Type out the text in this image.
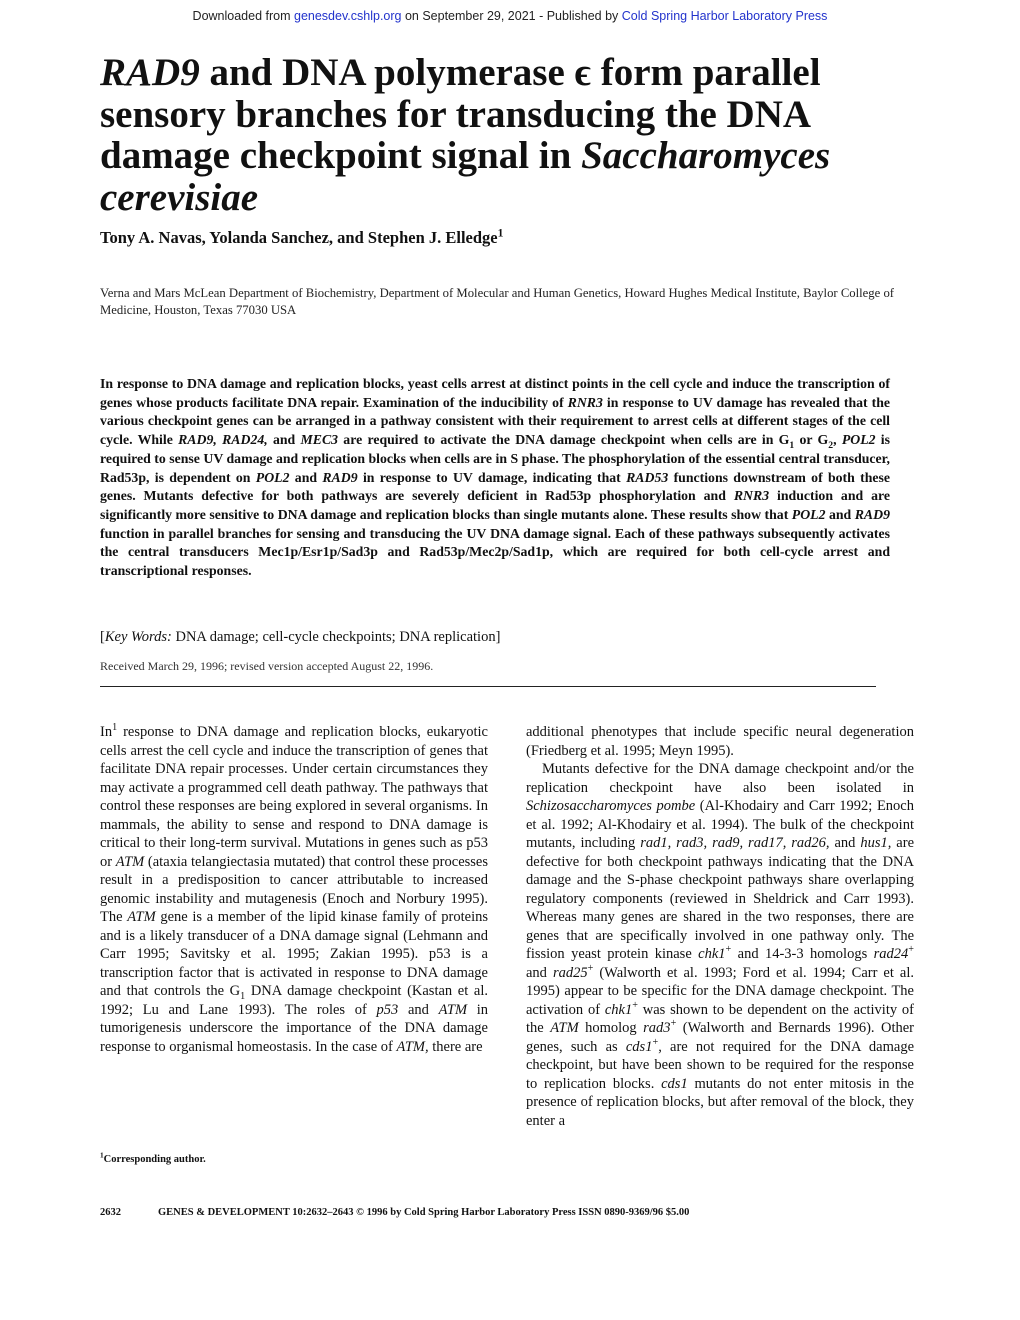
Downloaded from genesdev.cshlp.org on September 29, 2021 - Published by Cold Spring Harbor Laboratory Press
RAD9 and DNA polymerase ϵ form parallel sensory branches for transducing the DNA damage checkpoint signal in Saccharomyces cerevisiae
Tony A. Navas, Yolanda Sanchez, and Stephen J. Elledge$^1$
Verna and Mars McLean Department of Biochemistry, Department of Molecular and Human Genetics, Howard Hughes Medical Institute, Baylor College of Medicine, Houston, Texas 77030 USA
In response to DNA damage and replication blocks, yeast cells arrest at distinct points in the cell cycle and induce the transcription of genes whose products facilitate DNA repair. Examination of the inducibility of RNR3 in response to UV damage has revealed that the various checkpoint genes can be arranged in a pathway consistent with their requirement to arrest cells at different stages of the cell cycle. While RAD9, RAD24, and MEC3 are required to activate the DNA damage checkpoint when cells are in $G_1$ or $G_2$, POL2 is required to sense UV damage and replication blocks when cells are in S phase. The phosphorylation of the essential central transducer, Rad53p, is dependent on POL2 and RAD9 in response to UV damage, indicating that RAD53 functions downstream of both these genes. Mutants defective for both pathways are severely deficient in Rad53p phosphorylation and RNR3 induction and are significantly more sensitive to DNA damage and replication blocks than single mutants alone. These results show that POL2 and RAD9 function in parallel branches for sensing and transducing the UV DNA damage signal. Each of these pathways subsequently activates the central transducers Mec1p/Esr1p/Sad3p and Rad53p/Mec2p/Sad1p, which are required for both cell-cycle arrest and transcriptional responses.
[Key Words: DNA damage; cell-cycle checkpoints; DNA replication]
Received March 29, 1996; revised version accepted August 22, 1996.

In$^1$ response to DNA damage and replication blocks, eukaryotic cells arrest the cell cycle and induce the transcription of genes that facilitate DNA repair processes. Under certain circumstances they may activate a programmed cell death pathway. The pathways that control these responses are being explored in several organisms. In mammals, the ability to sense and respond to DNA damage is critical to their long-term survival. Mutations in genes such as p53 or ATM (ataxia telangiectasia mutated) that control these processes result in a predisposition to cancer attributable to increased genomic instability and mutagenesis (Enoch and Norbury 1995). The ATM gene is a member of the lipid kinase family of proteins and is a likely transducer of a DNA damage signal (Lehmann and Carr 1995; Savitsky et al. 1995; Zakian 1995). p53 is a transcription factor that is activated in response to DNA damage and that controls the $G_1$ DNA damage checkpoint (Kastan et al. 1992; Lu and Lane 1993). The roles of p53 and ATM in tumorigenesis underscore the importance of the DNA damage response to organismal homeostasis. In the case of ATM, there are

additional phenotypes that include specific neural degeneration (Friedberg et al. 1995; Meyn 1995).

Mutants defective for the DNA damage checkpoint and/or the replication checkpoint have also been isolated in Schizosaccharomyces pombe (Al-Khodairy and Carr 1992; Enoch et al. 1992; Al-Khodairy et al. 1994). The bulk of the checkpoint mutants, including rad1, rad3, rad9, rad17, rad26, and hus1, are defective for both checkpoint pathways indicating that the DNA damage and the S-phase checkpoint pathways share overlapping regulatory components (reviewed in Sheldrick and Carr 1993). Whereas many genes are shared in the two responses, there are genes that are specifically involved in one pathway only. The fission yeast protein kinase chk1+ and 14-3-3 homologs rad24+ and rad25+ (Walworth et al. 1993; Ford et al. 1994; Carr et al. 1995) appear to be specific for the DNA damage checkpoint. The activation of chk1+ was shown to be dependent on the activity of the ATM homolog rad3+ (Walworth and Bernards 1996). Other genes, such as cds1+, are not required for the DNA damage checkpoint, but have been shown to be required for the response to replication blocks. cds1 mutants do not enter mitosis in the presence of replication blocks, but after removal of the block, they enter a

$^1$Corresponding author.
2632	GENES & DEVELOPMENT 10:2632–2643 © 1996 by Cold Spring Harbor Laboratory Press ISSN 0890-9369/96 $5.00
